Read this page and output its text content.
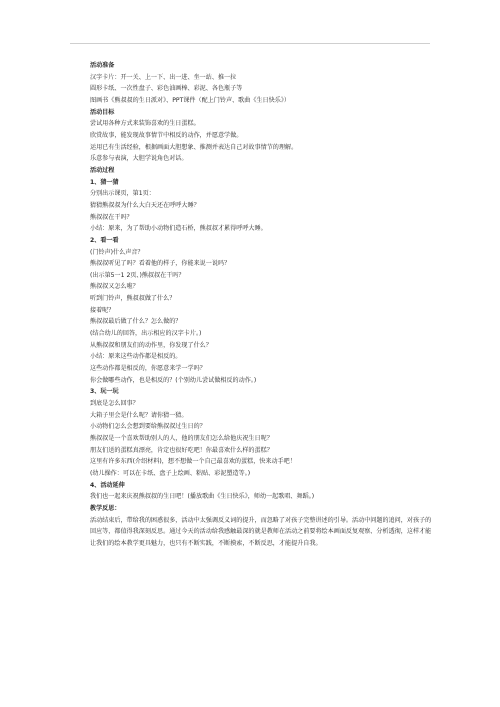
活动准备
汉字卡片：开一关、上一下、出一进、坐一站、推一拉
圆形卡纸、一次性盘子、彩色油画棒、彩泥、各色瓶子等
图画书《熊叔叔的生日派对》、PPT课件（配上门铃声、歌曲《生日快乐》）
活动目标
尝试用各种方式来装饰喜欢的生日蛋糕。
欣赏故事，能发现故事情节中相反的动作，并愿意学做。
运用已有生活经验，根据画面大胆想象、推测并表达自己对故事情节的理解。
乐意参与表演，大胆学说角色对话。
活动过程
1、猜一猜
分别出示课页，第1页：
猜猜熊叔叔为什么大白天还在呼呼大睡？
熊叔叔在干吗？
小结：原来，为了帮助小动物们造石桥，熊叔叔才累得呼呼大睡。
2、看一看
(门铃声)什么声音？
熊叔叔听见了吗？看着他的样子，你能来说一说吗？
(出示第5一1 2页、)熊叔叔在干吗？
熊叔叔又怎么啦？
听到门铃声，熊叔叔做了什么？
接着呢？
熊叔叔最后做了什么？怎么做的？
(结合幼儿的回答，出示相应的汉字卡片。)
从熊叔叔和朋友们的动作里，你发现了什么？
小结：原来这些动作都是相反的。
这些动作都是相反的，你愿意来学一学吗？
你会做哪些动作，也是相反的？(个别幼儿尝试做相反的动作。)
3、玩一玩
到底是怎么回事？
大箱子里会是什么呢？请你猜一猜。
小动物们怎么会想到要给熊叔叔过生日的？
熊叔叔是一个喜欢帮助别人的人，他的朋友们怎么给他庆祝生日呢？
朋友们送的蛋糕真漂亮，肯定也很好吃吧！你最喜欢什么样的蛋糕？
这里有许多东西(介绍材料)，想不想做一个自己最喜欢的蛋糕，快来动手吧！
(幼儿操作：可以在卡纸、盘子上绘画、粘贴、彩泥塑造等。)
4、活动延伸
我们也一起来庆祝熊叔叔的生日吧！(播放歌曲《生日快乐》，师幼一起歌唱、舞蹈。)
教学反思：
活动结束后，带给我的困惑很多，活动中太强调反义词的提升，而忽略了对孩子完整讲述的引导。活动中问题的追问，对孩子的回应等，都值得我深刻反思。通过今天的活动给我感触最深的就是教师在活动之前要将绘本画面反复观察、分析透彻，这样才能让我们的绘本教学更具魅力，也只有不断实践，不断摸索，不断反思，才能提升自我。
